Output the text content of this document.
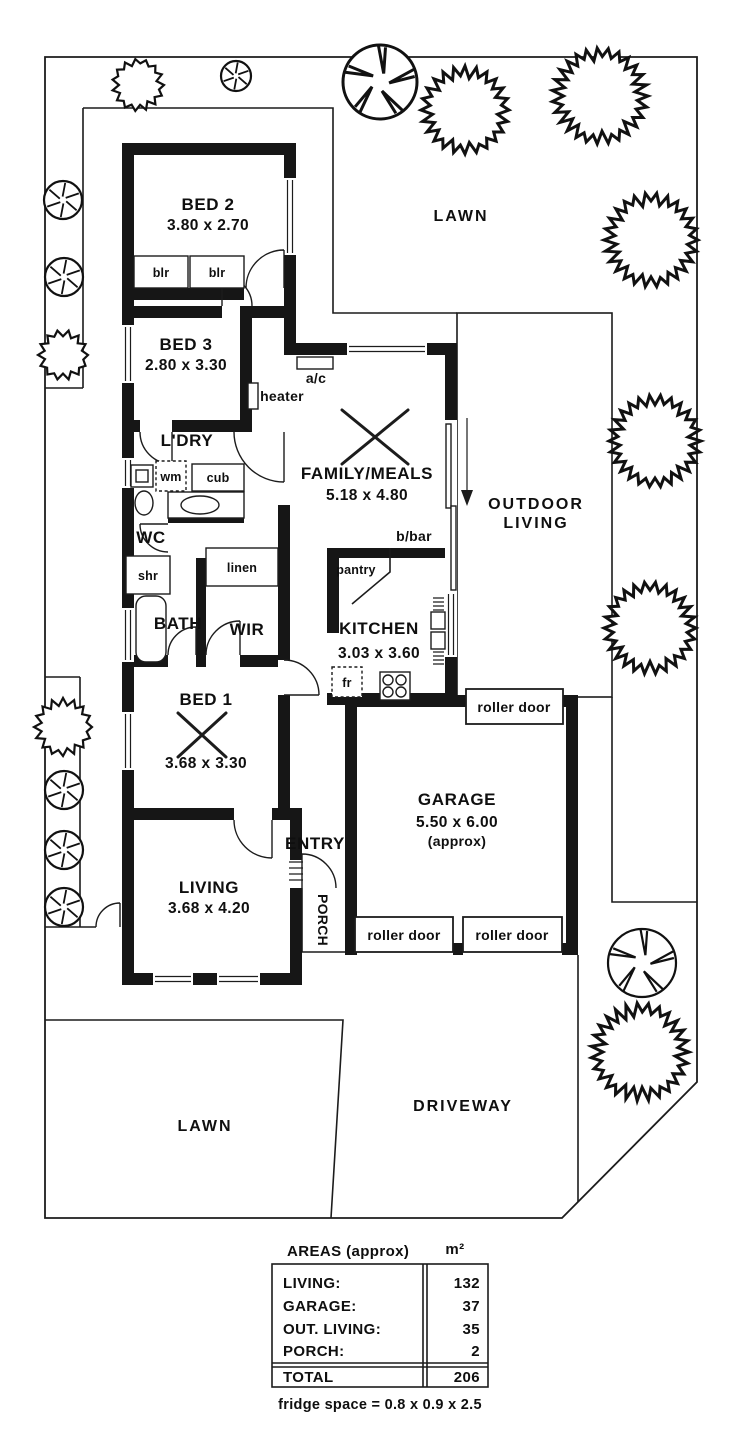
BED 2
3.80 x 2.70
blr	blr
BED 3
2.80 x 3.30
a/c
heater
L'DRY
wm cub
WC
FAMILY/MEALS
5.18 x 4.80
b/bar
pantry
shr
linen
KITCHEN
3.03 x 3.60
BATH WIR
fr
OUTDOOR
LIVING
roller door
roller door roller door
GARAGE
5.50 x 6.00
(approx)
BED 1
3.68 x 3.30
ENTRY
PORCH
LIVING
3.68 x 4.20
LAWN
LAWN
DRIVEWAY
AREAS (approx) m²
LIVING:	132
GARAGE:	37
OUT. LIVING:	35
PORCH:	2
TOTAL	206
fridge space = 0.8 x 0.9 x 2.5
